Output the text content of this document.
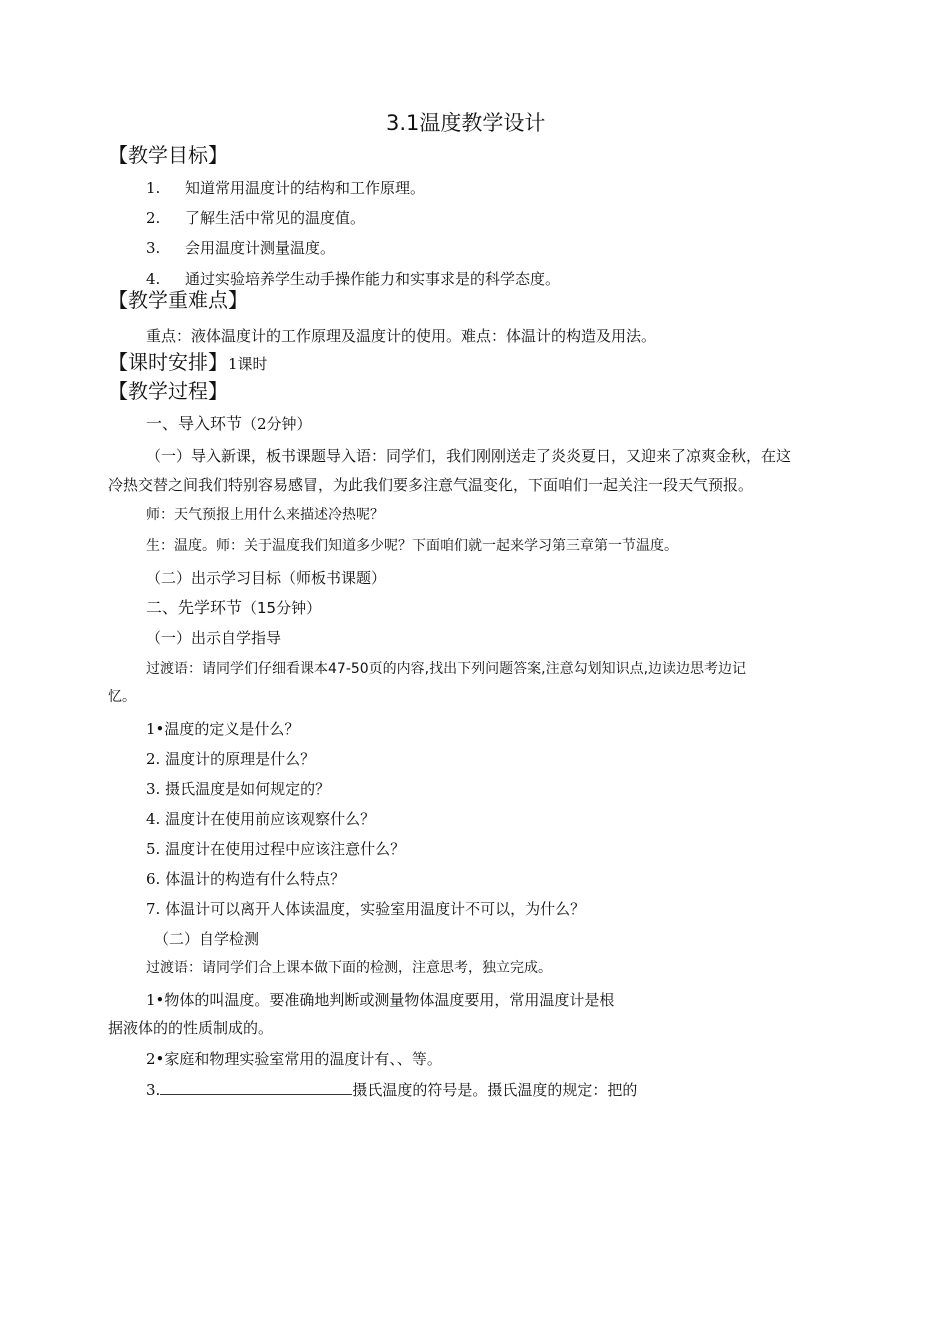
3.1温度教学设计
【教学目标】
1. 知道常用温度计的结构和工作原理。
2. 了解生活中常见的温度值。
3. 会用温度计测量温度。
4. 通过实验培养学生动手操作能力和实事求是的科学态度。
【教学重难点】
重点：液体温度计的工作原理及温度计的使用。难点：体温计的构造及用法。
【课时安排】1课时
【教学过程】
一、导入环节（2分钟）
（一）导入新课，板书课题导入语：同学们，我们刚刚送走了炎炎夏日，又迎来了凉爽金秋，在这
冷热交替之间我们特别容易感冒，为此我们要多注意气温变化，下面咱们一起关注一段天气预报。
师：天气预报上用什么来描述冷热呢？
生：温度。师：关于温度我们知道多少呢？下面咱们就一起来学习第三章第一节温度。
（二）出示学习目标（师板书课题）
二、先学环节（15分钟）
（一）出示自学指导
过渡语：请同学们仔细看课本47-50页的内容,找出下列问题答案,注意勾划知识点,边读边思考边记
忆。
1•温度的定义是什么？
2. 温度计的原理是什么？
3. 摄氏温度是如何规定的？
4. 温度计在使用前应该观察什么？
5. 温度计在使用过程中应该注意什么？
6. 体温计的构造有什么特点？
7. 体温计可以离开人体读温度，实验室用温度计不可以，为什么？
（二）自学检测
过渡语：请同学们合上课本做下面的检测，注意思考，独立完成。
1•物体的叫温度。要准确地判断或测量物体温度要用，常用温度计是根
据液体的的性质制成的。
2•家庭和物理实验室常用的温度计有、、等。
3.	摄氏温度的符号是。摄氏温度的规定：把的
